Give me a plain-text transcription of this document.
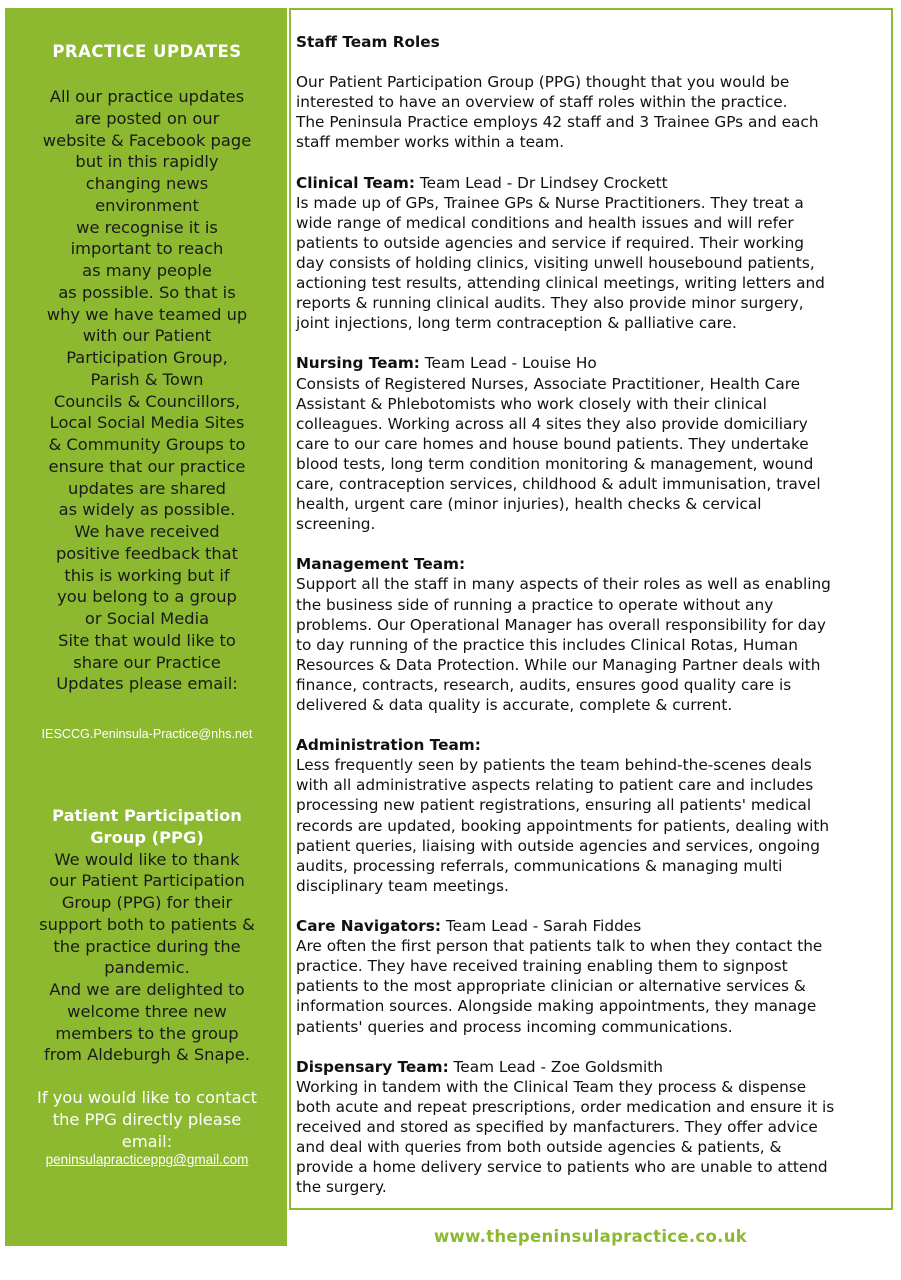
PRACTICE UPDATES
All our practice updates
are posted on our
website & Facebook page
but in this rapidly
changing news
environment
we recognise it is
important to reach
as many people
as possible. So that is
why we have teamed up
with our Patient
Participation Group,
Parish & Town
Councils & Councillors,
Local Social Media Sites
& Community Groups to
ensure that our practice
updates are shared
as widely as possible.
We have received
positive feedback that
this is working but if
you belong to a group
or Social Media
Site that would like to
share our Practice
Updates please email:
IESCCG.Peninsula-Practice@nhs.net
Patient Participation
Group (PPG)
We would like to thank
our Patient Participation
Group (PPG) for their
support both to patients &
the practice during the
pandemic.
And we are delighted to
welcome three new
members to the group
from Aldeburgh & Snape.
If you would like to contact
the PPG directly please
email:
peninsulapracticeppg@gmail.com
Staff Team Roles

Our Patient Participation Group (PPG) thought that you would be
interested to have an overview of staff roles within the practice.
The Peninsula Practice employs 42 staff and 3 Trainee GPs and each
staff member works within a team.

Clinical Team: Team Lead - Dr Lindsey Crockett
Is made up of GPs, Trainee GPs & Nurse Practitioners. They treat a
wide range of medical conditions and health issues and will refer
patients to outside agencies and service if required. Their working
day consists of holding clinics, visiting unwell housebound patients,
actioning test results, attending clinical meetings, writing letters and
reports & running clinical audits. They also provide minor surgery,
joint injections, long term contraception & palliative care.
Nursing Team: Team Lead - Louise Ho
Consists of Registered Nurses, Associate Practitioner, Health Care
Assistant & Phlebotomists who work closely with their clinical
colleagues. Working across all 4 sites they also provide domiciliary
care to our care homes and house bound patients. They undertake
blood tests, long term condition monitoring & management, wound
care, contraception services, childhood & adult immunisation, travel
health, urgent care (minor injuries), health checks & cervical
screening.
Management Team:
Support all the staff in many aspects of their roles as well as enabling
the business side of running a practice to operate without any
problems. Our Operational Manager has overall responsibility for day
to day running of the practice this includes Clinical Rotas, Human
Resources & Data Protection. While our Managing Partner deals with
finance, contracts, research, audits, ensures good quality care is
delivered & data quality is accurate, complete & current.
Administration Team:
Less frequently seen by patients the team behind-the-scenes deals
with all administrative aspects relating to patient care and includes
processing new patient registrations, ensuring all patients' medical
records are updated, booking appointments for patients, dealing with
patient queries, liaising with outside agencies and services, ongoing
audits, processing referrals, communications & managing multi
disciplinary team meetings.
Care Navigators: Team Lead - Sarah Fiddes
Are often the first person that patients talk to when they contact the
practice. They have received training enabling them to signpost
patients to the most appropriate clinician or alternative services &
information sources. Alongside making appointments, they manage
patients' queries and process incoming communications.
Dispensary Team: Team Lead - Zoe Goldsmith
Working in tandem with the Clinical Team they process & dispense
both acute and repeat prescriptions, order medication and ensure it is
received and stored as specified by manfacturers. They offer advice
and deal with queries from both outside agencies & patients, &
provide a home delivery service to patients who are unable to attend
the surgery.
www.thepeninsulapractice.co.uk
